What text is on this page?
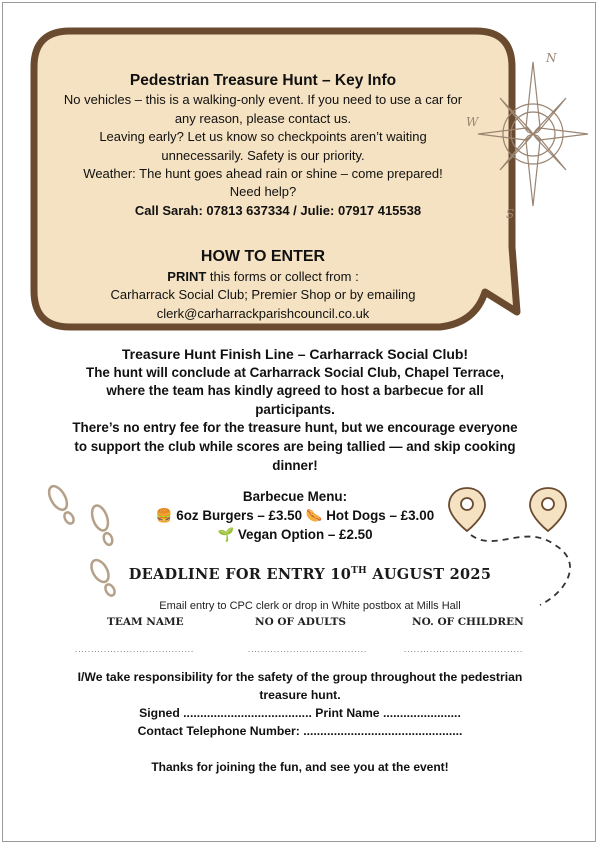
N
W
S
Pedestrian Treasure Hunt – Key Info
No vehicles – this is a walking-only event. If you need to use a car for
any reason, please contact us.
Leaving early? Let us know so checkpoints aren’t waiting
unnecessarily. Safety is our priority.
Weather: The hunt goes ahead rain or shine – come prepared!
Need help?
Call Sarah: 07813 637334 / Julie: 07917 415538
HOW TO ENTER
PRINT this forms or collect from :
Carharrack Social Club; Premier Shop or by emailing
clerk@carharrackparishcouncil.co.uk
Treasure Hunt Finish Line – Carharrack Social Club!
The hunt will conclude at Carharrack Social Club, Chapel Terrace,
where the team has kindly agreed to host a barbecue for all
participants.
There’s no entry fee for the treasure hunt, but we encourage everyone
to support the club while scores are being tallied — and skip cooking
dinner!
Barbecue Menu:
🍔 6oz Burgers – £3.50 🌭 Hot Dogs – £3.00
🌱 Vegan Option – £2.50
DEADLINE FOR ENTRY 10TH AUGUST 2025
Email entry to CPC clerk or drop in White postbox at Mills Hall
TEAM NAME	NO OF ADULTS	NO. OF CHILDREN
.....................................	.....................................	.....................................
I/We take responsibility for the safety of the group throughout the pedestrian
treasure hunt.
Signed ...................................... Print Name .......................
Contact Telephone Number: ...............................................
Thanks for joining the fun, and see you at the event!
